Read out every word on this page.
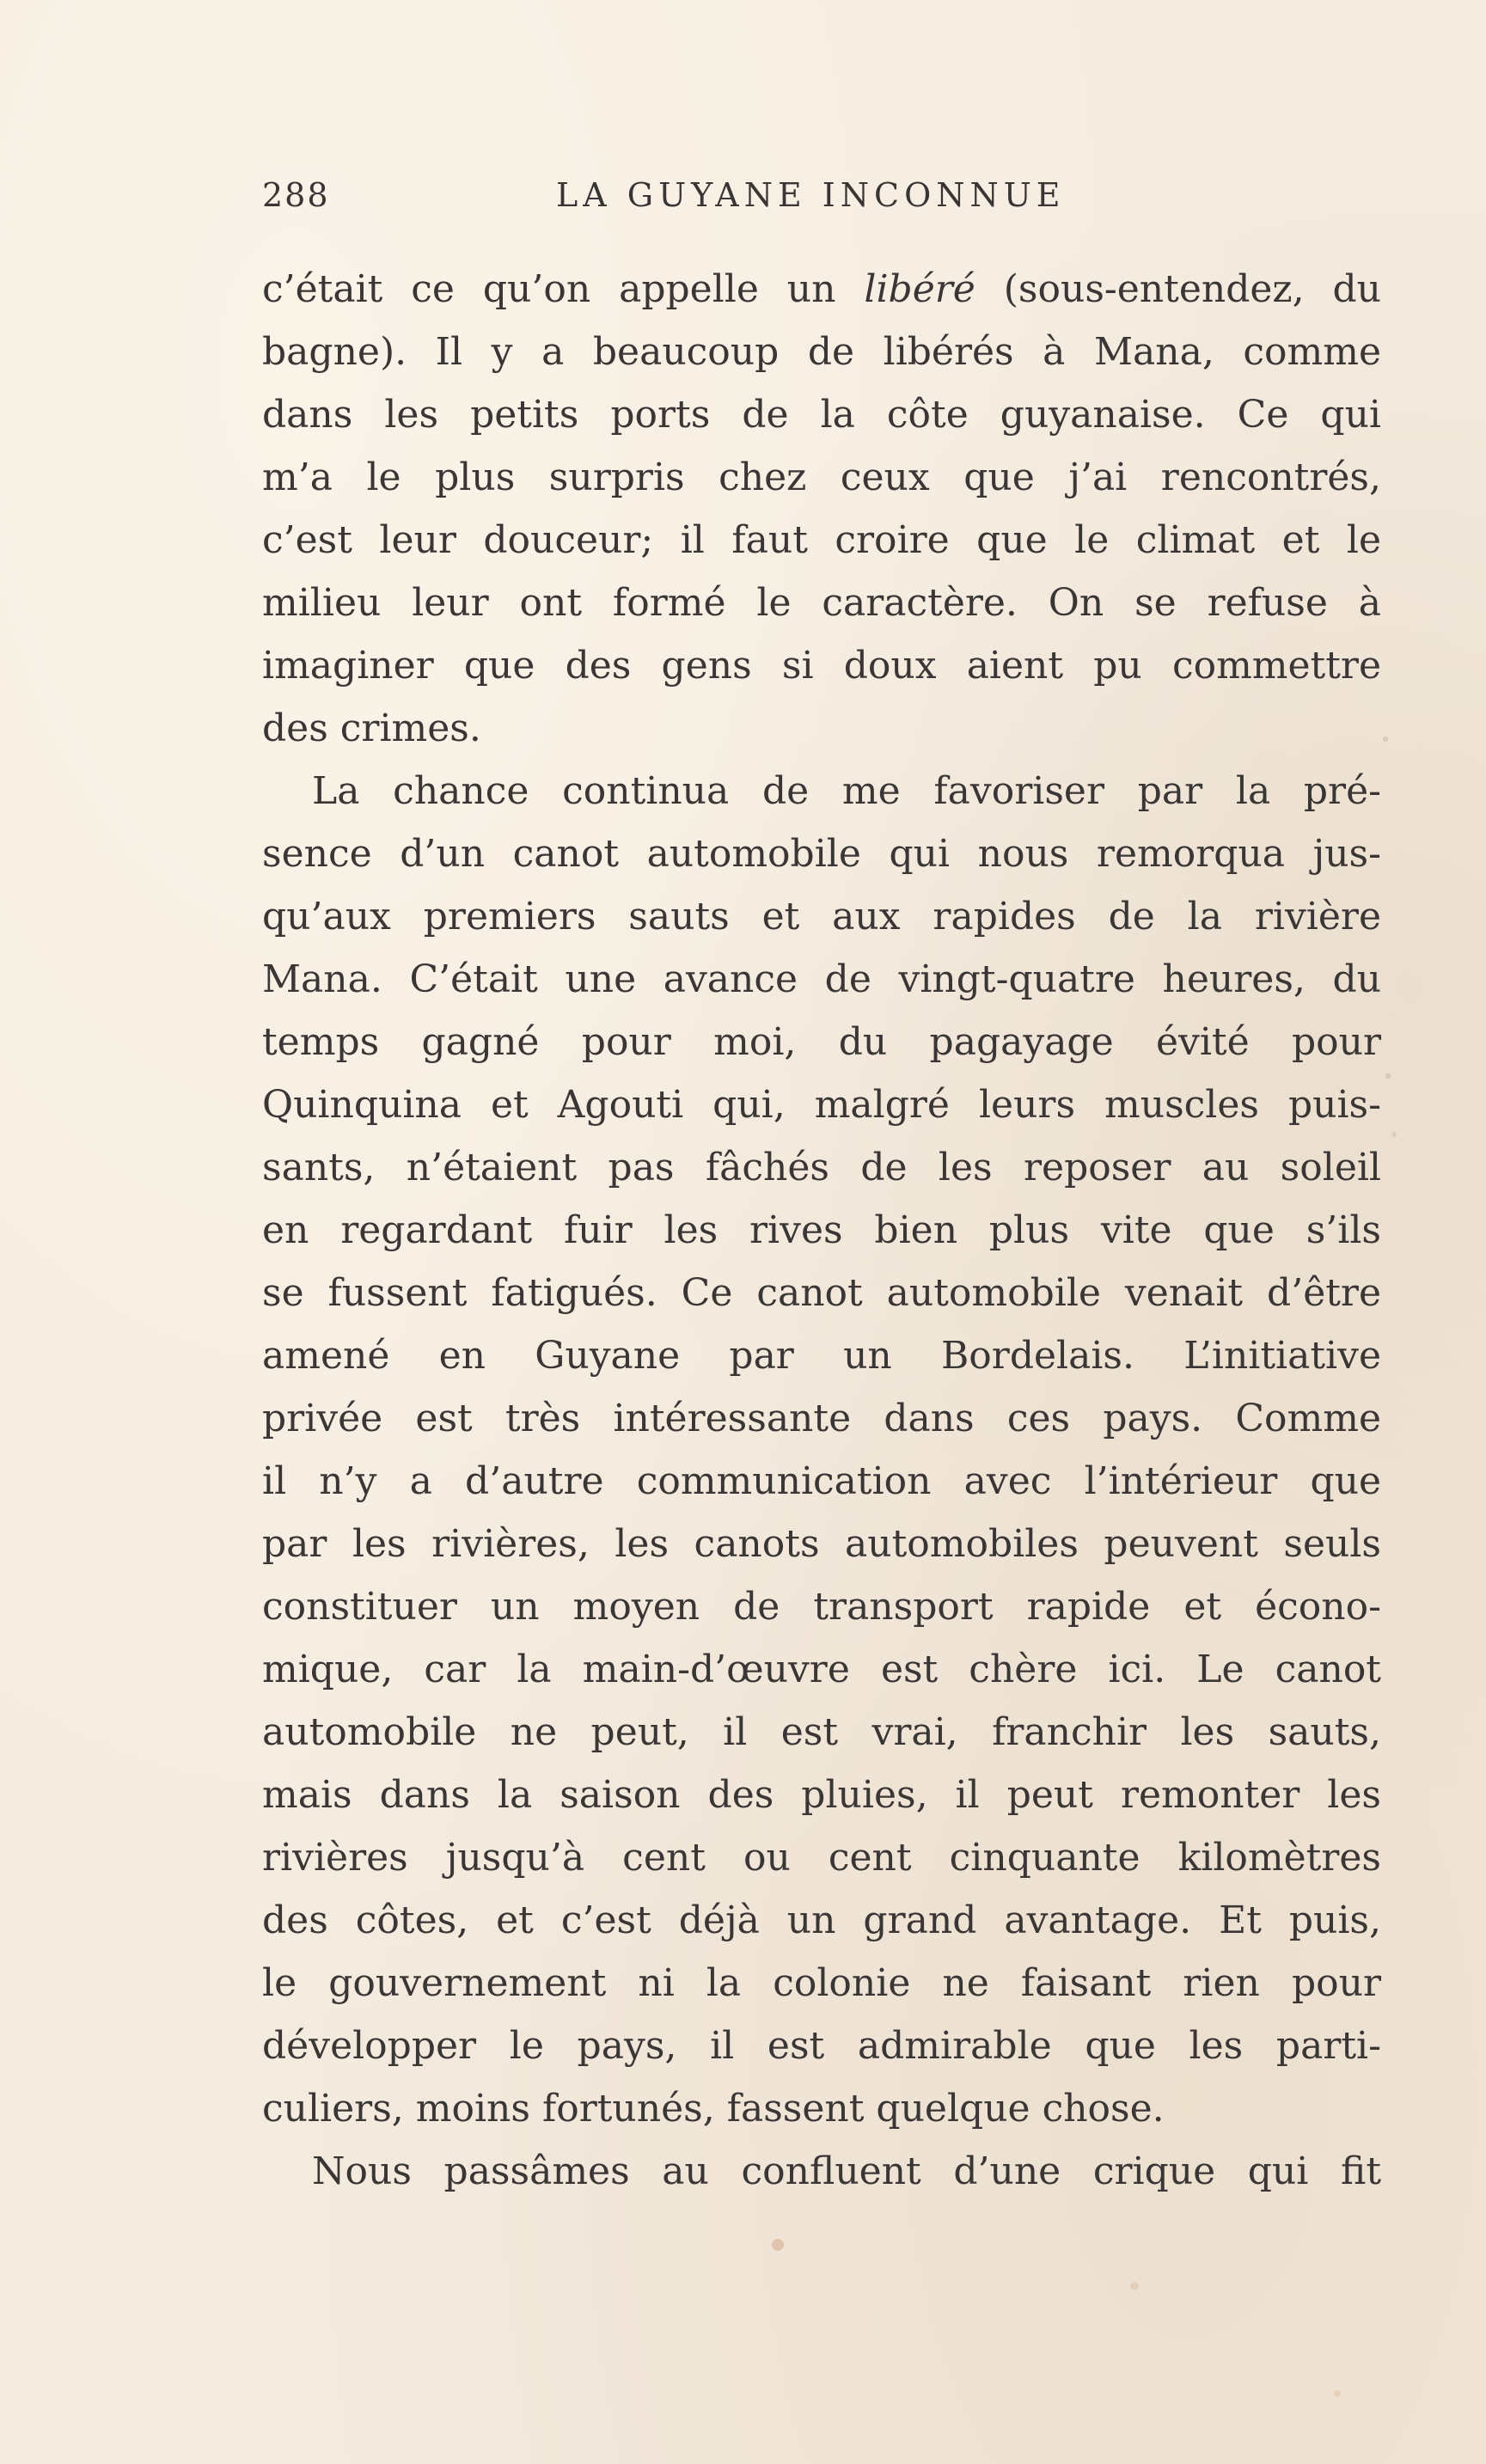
288	LA GUYANE INCONNUE
c’était ce qu’on appelle un libéré (sous-entendez, du
bagne). Il y a beaucoup de libérés à Mana, comme
dans les petits ports de la côte guyanaise. Ce qui
m’a le plus surpris chez ceux que j’ai rencontrés,
c’est leur douceur; il faut croire que le climat et le
milieu leur ont formé le caractère. On se refuse à
imaginer que des gens si doux aient pu commettre
des crimes.
La chance continua de me favoriser par la pré-
sence d’un canot automobile qui nous remorqua jus-
qu’aux premiers sauts et aux rapides de la rivière
Mana. C’était une avance de vingt-quatre heures, du
temps gagné pour moi, du pagayage évité pour
Quinquina et Agouti qui, malgré leurs muscles puis-
sants, n’étaient pas fâchés de les reposer au soleil
en regardant fuir les rives bien plus vite que s’ils
se fussent fatigués. Ce canot automobile venait d’être
amené en Guyane par un Bordelais. L’initiative
privée est très intéressante dans ces pays. Comme
il n’y a d’autre communication avec l’intérieur que
par les rivières, les canots automobiles peuvent seuls
constituer un moyen de transport rapide et écono-
mique, car la main-d’œuvre est chère ici. Le canot
automobile ne peut, il est vrai, franchir les sauts,
mais dans la saison des pluies, il peut remonter les
rivières jusqu’à cent ou cent cinquante kilomètres
des côtes, et c’est déjà un grand avantage. Et puis,
le gouvernement ni la colonie ne faisant rien pour
développer le pays, il est admirable que les parti-
culiers, moins fortunés, fassent quelque chose.
Nous passâmes au confluent d’une crique qui fit
